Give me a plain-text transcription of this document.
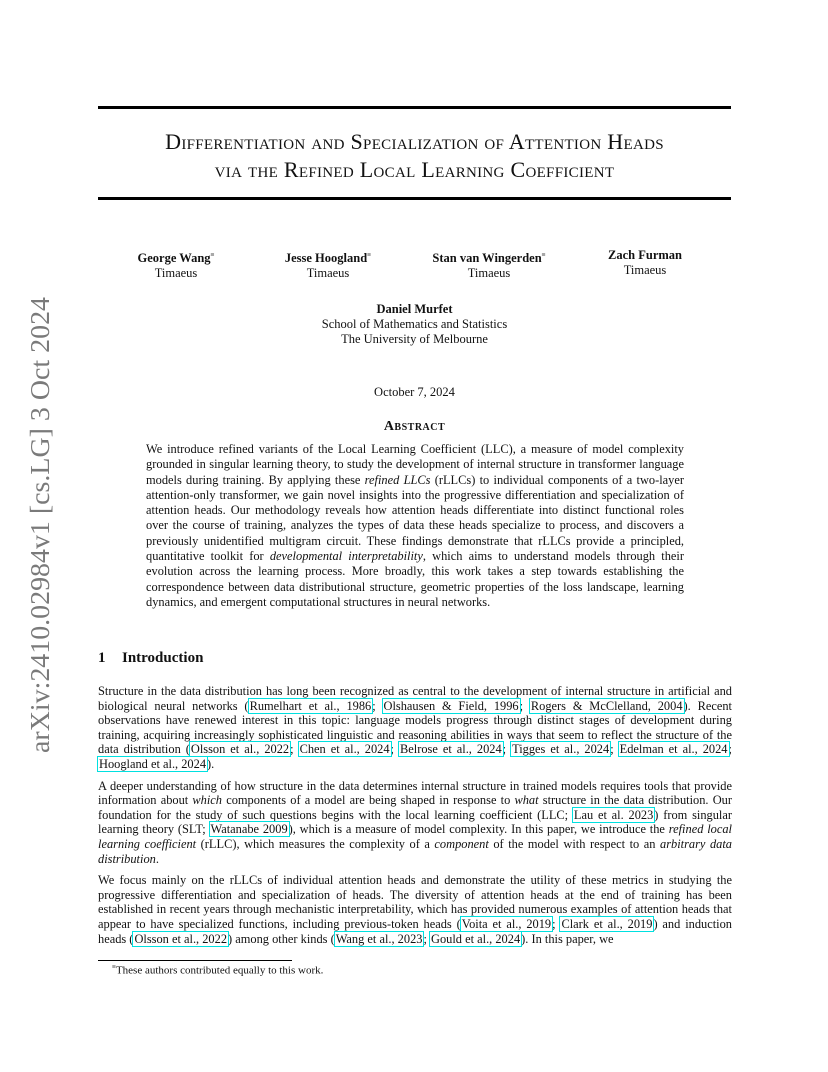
arXiv:2410.02984v1 [cs.LG] 3 Oct 2024
Differentiation and Specialization of Attention Heads
via the Refined Local Learning Coefficient
George Wang≡
Timaeus
Jesse Hoogland≡
Timaeus
Stan van Wingerden≡
Timaeus
Zach Furman
Timaeus
Daniel Murfet
School of Mathematics and Statistics
The University of Melbourne
October 7, 2024
Abstract
We introduce refined variants of the Local Learning Coefficient (LLC), a measure of model complexity grounded in singular learning theory, to study the development of internal structure in transformer language models during training. By applying these refined LLCs (rLLCs) to individual components of a two-layer attention-only transformer, we gain novel insights into the progressive differentiation and specialization of attention heads. Our methodology reveals how attention heads differentiate into distinct functional roles over the course of training, analyzes the types of data these heads specialize to process, and discovers a previously unidentified multigram circuit. These findings demonstrate that rLLCs provide a principled, quantitative toolkit for developmental interpretability, which aims to understand models through their evolution across the learning process. More broadly, this work takes a step towards establishing the correspondence between data distributional structure, geometric properties of the loss landscape, learning dynamics, and emergent computational structures in neural networks.
1 Introduction

Structure in the data distribution has long been recognized as central to the development of internal structure in artificial and biological neural networks (Rumelhart et al., 1986; Olshausen & Field, 1996; Rogers & McClelland, 2004). Recent observations have renewed interest in this topic: language models progress through distinct stages of development during training, acquiring increasingly sophisticated linguistic and reasoning abilities in ways that seem to reflect the structure of the data distribution (Olsson et al., 2022; Chen et al., 2024; Belrose et al., 2024; Tigges et al., 2024; Edelman et al., 2024; Hoogland et al., 2024).

A deeper understanding of how structure in the data determines internal structure in trained models requires tools that provide information about which components of a model are being shaped in response to what structure in the data distribution. Our foundation for the study of such questions begins with the local learning coefficient (LLC; Lau et al. 2023) from singular learning theory (SLT; Watanabe 2009), which is a measure of model complexity. In this paper, we introduce the refined local learning coefficient (rLLC), which measures the complexity of a component of the model with respect to an arbitrary data distribution.

We focus mainly on the rLLCs of individual attention heads and demonstrate the utility of these metrics in studying the progressive differentiation and specialization of heads. The diversity of attention heads at the end of training has been established in recent years through mechanistic interpretability, which has provided numerous examples of attention heads that appear to have specialized functions, including previous-token heads (Voita et al., 2019; Clark et al., 2019) and induction heads (Olsson et al., 2022) among other kinds (Wang et al., 2023; Gould et al., 2024). In this paper, we

≡These authors contributed equally to this work.
